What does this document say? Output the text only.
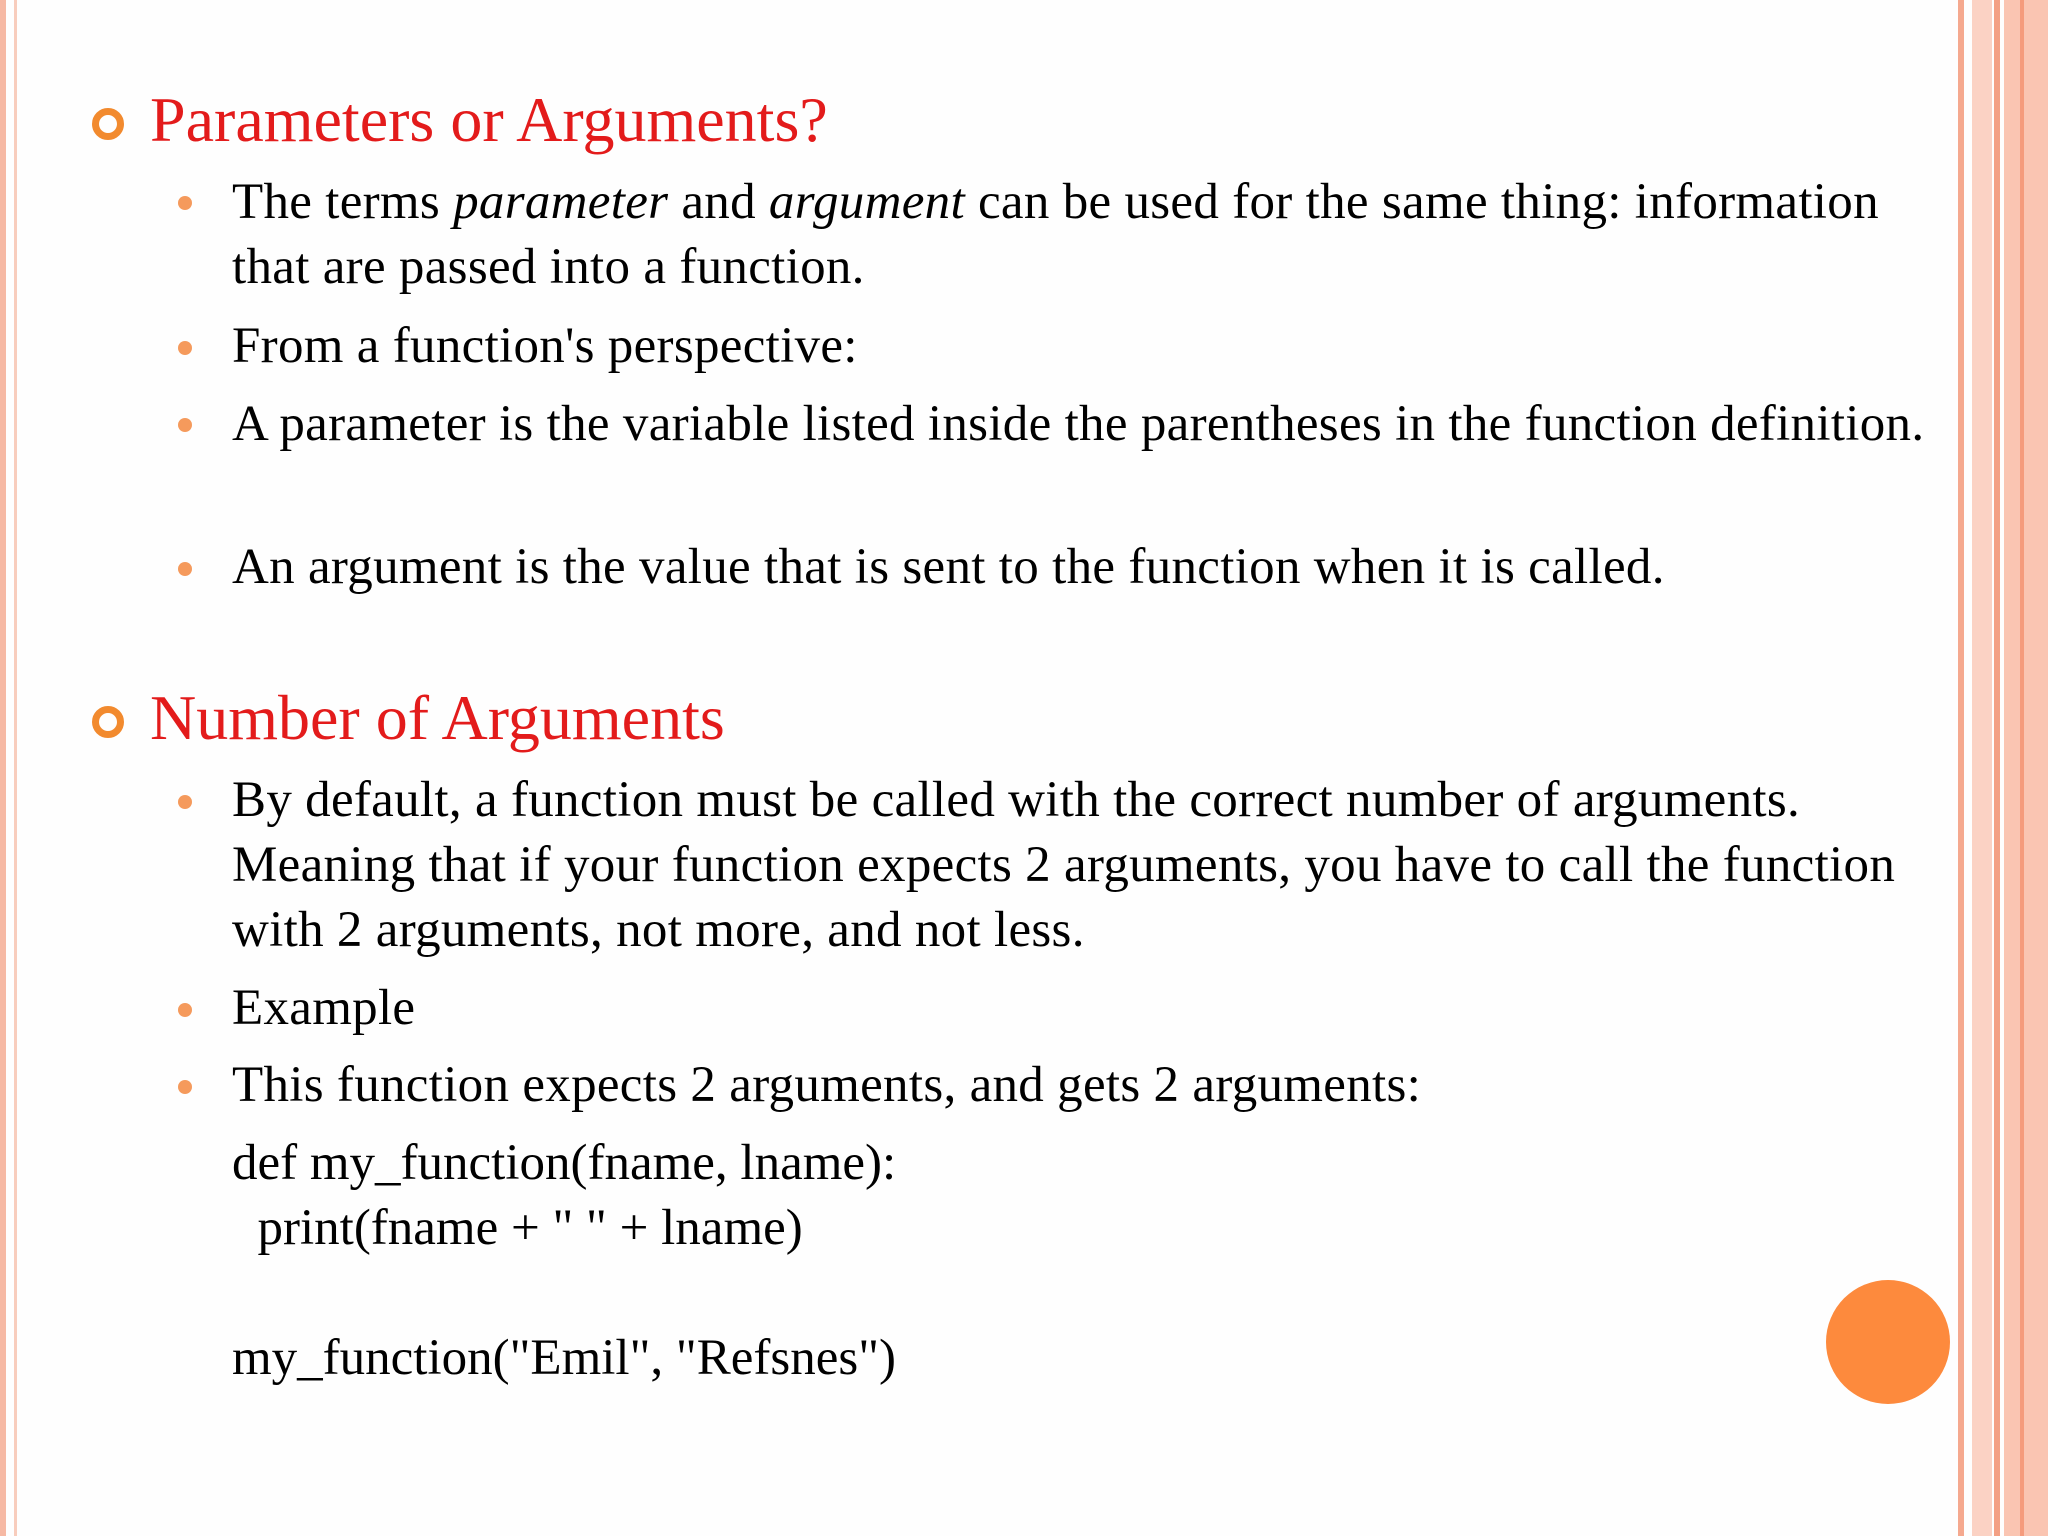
Parameters or Arguments?
The terms parameter and argument can be used for the same thing: information that are passed into a function.
From a function's perspective:
A parameter is the variable listed inside the parentheses in the function definition.
An argument is the value that is sent to the function when it is called.
Number of Arguments
By default, a function must be called with the correct number of arguments. Meaning that if your function expects 2 arguments, you have to call the function with 2 arguments, not more, and not less.
Example
This function expects 2 arguments, and gets 2 arguments:
def my_function(fname, lname):
print(fname + " " + lname)
my_function("Emil", "Refsnes")
